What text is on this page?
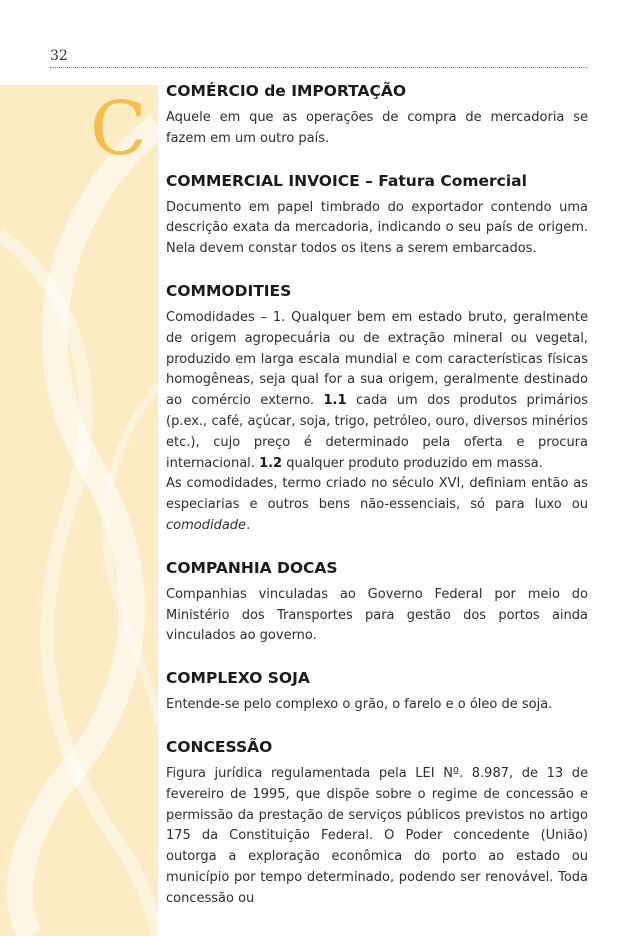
32
C COMÉRCIO de IMPORTAÇÃO

Aquele em que as operações de compra de mercadoria se fazem em um outro país.

COMMERCIAL INVOICE – Fatura Comercial

Documento em papel timbrado do exportador contendo uma descrição exata da mercadoria, indicando o seu país de origem. Nela devem constar todos os itens a serem embarcados.

COMMODITIES

Comodidades – 1. Qualquer bem em estado bruto, geralmente de origem agropecuária ou de extração mineral ou vegetal, produzido em larga escala mundial e com características físicas homogêneas, seja qual for a sua origem, geralmente destinado ao comércio externo. 1.1 cada um dos produtos primários (p.ex., café, açúcar, soja, trigo, petróleo, ouro, diversos minérios etc.), cujo preço é determinado pela oferta e procura internacional. 1.2 qualquer produto produzido em massa.
As comodidades, termo criado no século XVI, definiam então as especiarias e outros bens não-essenciais, só para luxo ou comodidade.

COMPANHIA DOCAS

Companhias vinculadas ao Governo Federal por meio do Ministério dos Transportes para gestão dos portos ainda vinculados ao governo.

COMPLEXO SOJA

Entende-se pelo complexo o grão, o farelo e o óleo de soja.

CONCESSÃO

Figura jurídica regulamentada pela LEI Nº. 8.987, de 13 de fevereiro de 1995, que dispõe sobre o regime de concessão e permissão da prestação de serviços públicos previstos no artigo 175 da Constituição Federal. O Poder concedente (União) outorga a exploração econômica do porto ao estado ou município por tempo determinado, podendo ser renovável. Toda concessão ou
